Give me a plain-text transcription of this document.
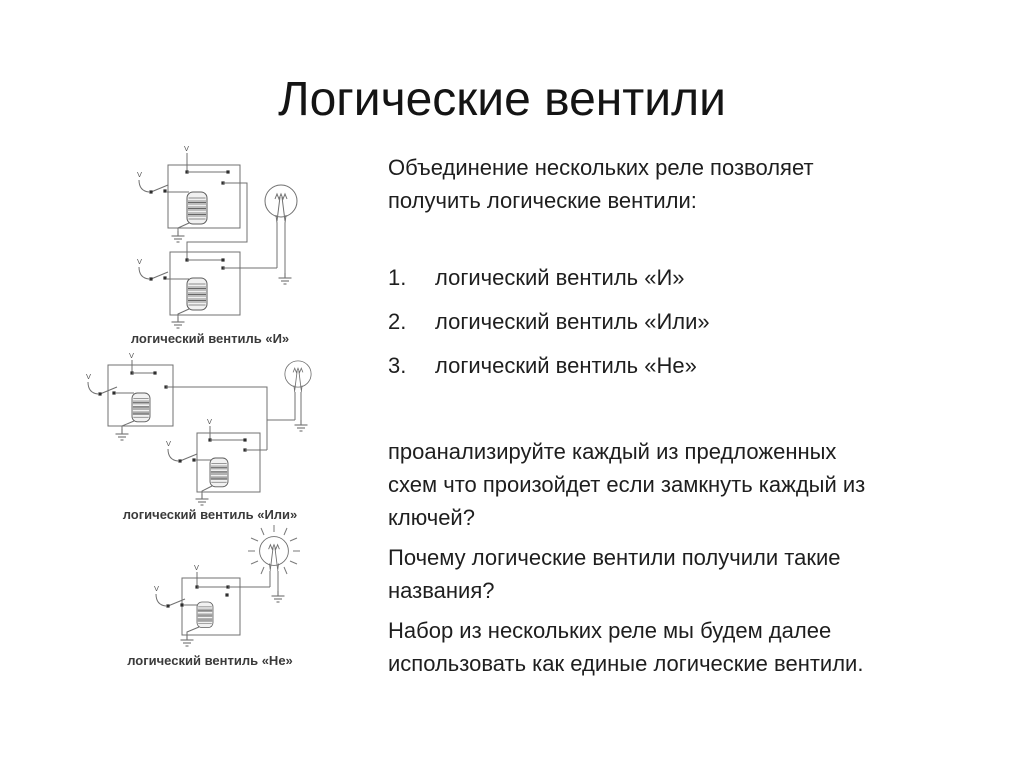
Логические вентили
V
логический вентиль «И»
V
V
логический вентиль «Или»
V
логический вентиль «Не»
Объединение нескольких реле позволяет
получить логические вентили:
1. логический вентиль «И»
2. логический вентиль «Или»
3. логический вентиль «Не»
проанализируйте каждый из предложенных
схем что произойдет если замкнуть каждый из
ключей?
Почему логические вентили получили такие
названия?
Набор из нескольких реле мы будем далее
использовать как единые логические вентили.
